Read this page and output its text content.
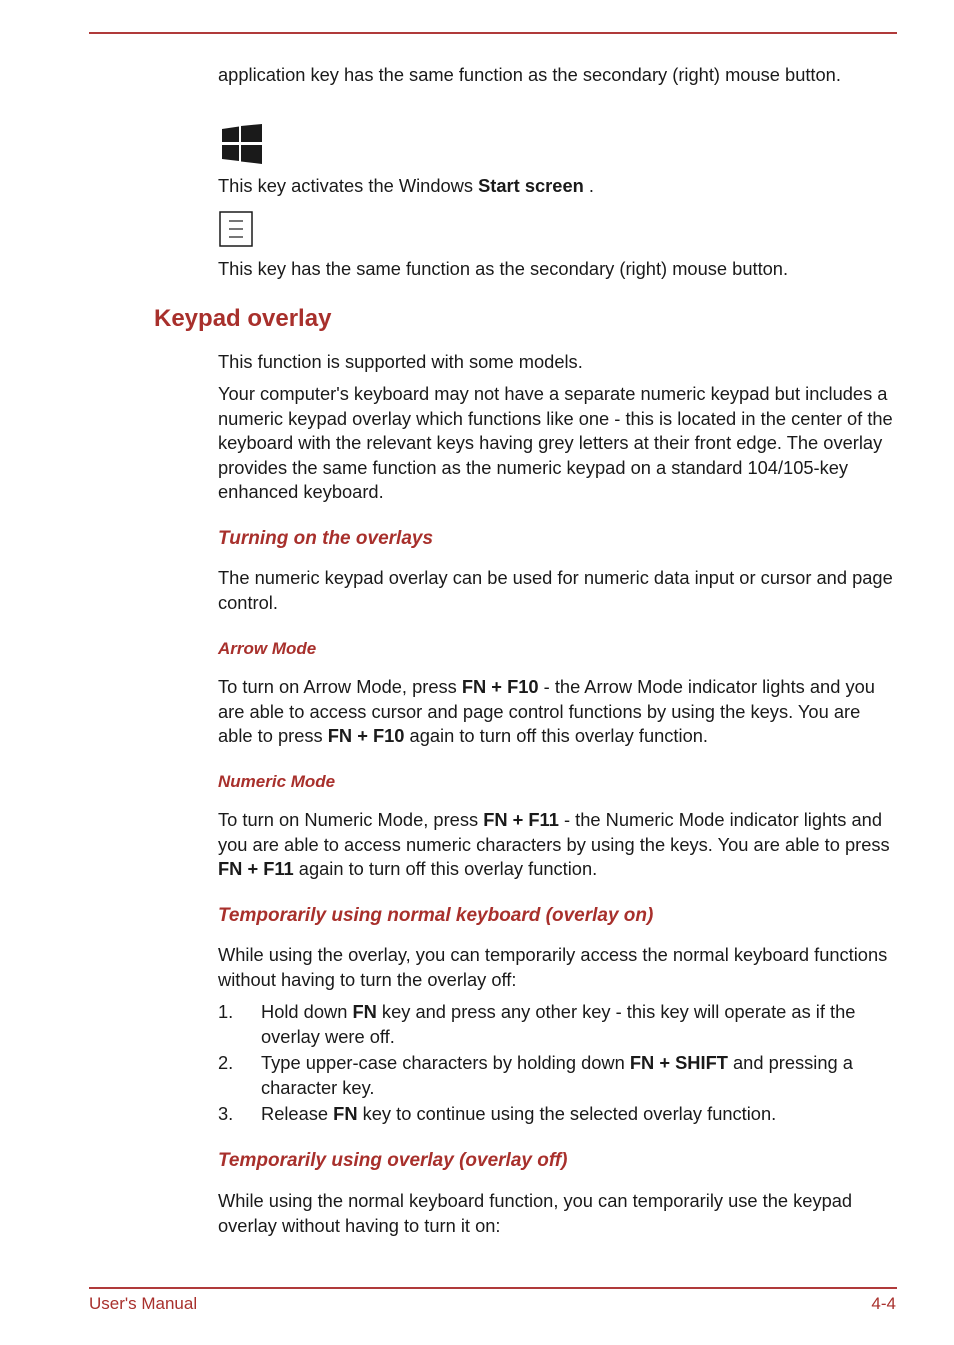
application key has the same function as the secondary (right) mouse button.

This key activates the Windows Start screen .

This key has the same function as the secondary (right) mouse button.

Keypad overlay

This function is supported with some models.

Your computer's keyboard may not have a separate numeric keypad but includes a numeric keypad overlay which functions like one - this is located in the center of the keyboard with the relevant keys having grey letters at their front edge. The overlay provides the same function as the numeric keypad on a standard 104/105-key enhanced keyboard.

Turning on the overlays

The numeric keypad overlay can be used for numeric data input or cursor and page control.

Arrow Mode

To turn on Arrow Mode, press FN + F10 - the Arrow Mode indicator lights and you are able to access cursor and page control functions by using the keys. You are able to press FN + F10 again to turn off this overlay function.

Numeric Mode

To turn on Numeric Mode, press FN + F11 - the Numeric Mode indicator lights and you are able to access numeric characters by using the keys. You are able to press FN + F11 again to turn off this overlay function.

Temporarily using normal keyboard (overlay on)

While using the overlay, you can temporarily access the normal keyboard functions without having to turn the overlay off:

1. Hold down FN key and press any other key - this key will operate as if the overlay were off.
2. Type upper-case characters by holding down FN + SHIFT and pressing a character key.
3. Release FN key to continue using the selected overlay function.
Temporarily using overlay (overlay off)

While using the normal keyboard function, you can temporarily use the keypad overlay without having to turn it on:

User's Manual	4-4
